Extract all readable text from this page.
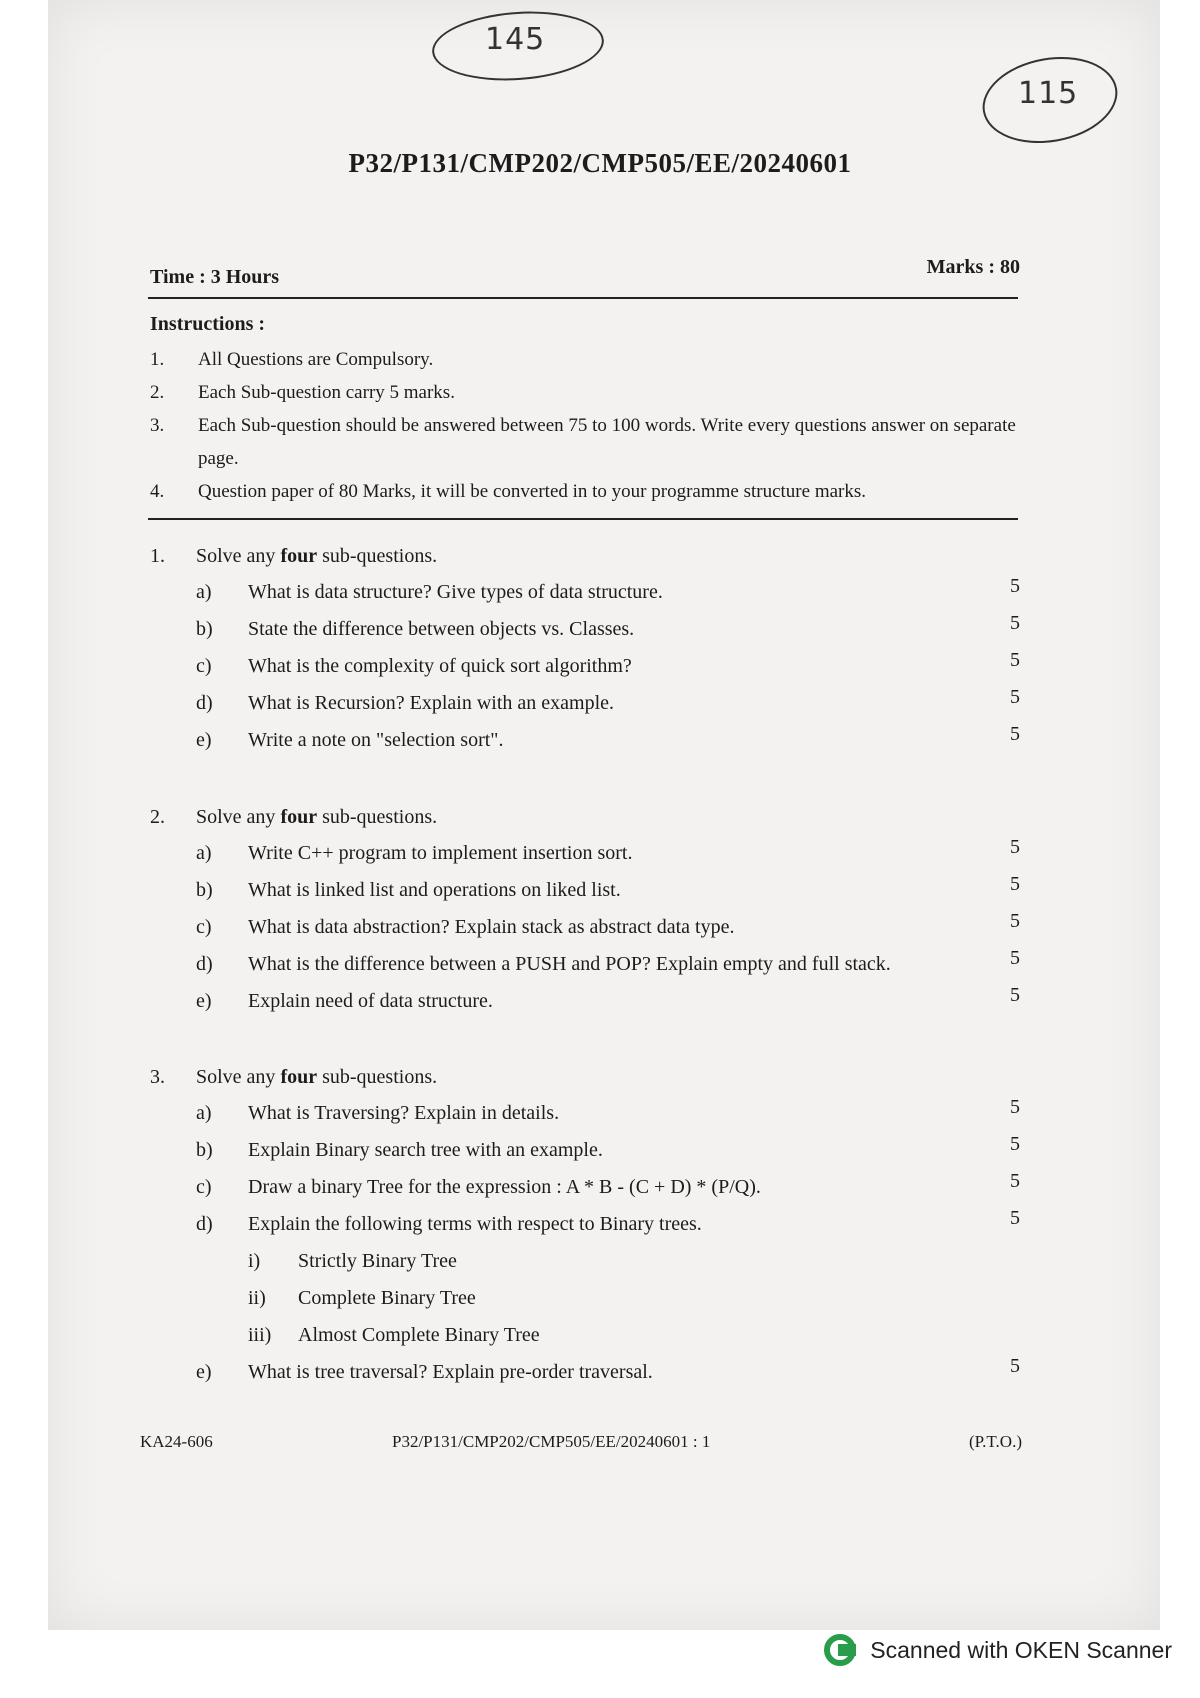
145
115
P32/P131/CMP202/CMP505/EE/20240601
Time : 3 Hours	Marks : 80
Instructions :
1.	All Questions are Compulsory.
2.	Each Sub-question carry 5 marks.
3.	Each Sub-question should be answered between 75 to 100 words. Write every questions answer on separate page.
4.	Question paper of 80 Marks, it will be converted in to your programme structure marks.
1. Solve any four sub-questions.
a)	What is data structure? Give types of data structure.	5
b)	State the difference between objects vs. Classes.	5
c)	What is the complexity of quick sort algorithm?	5
d)	What is Recursion? Explain with an example.	5
e)	Write a note on "selection sort".	5
2. Solve any four sub-questions.
a)	Write C++ program to implement insertion sort.	5
b)	What is linked list and operations on liked list.	5
c)	What is data abstraction? Explain stack as abstract data type.	5
d)	What is the difference between a PUSH and POP? Explain empty and full stack.	5
e)	Explain need of data structure.	5
3. Solve any four sub-questions.
a)	What is Traversing? Explain in details.	5
b)	Explain Binary search tree with an example.	5
c)	Draw a binary Tree for the expression : A * B - (C + D) * (P/Q).	5
d)	Explain the following terms with respect to Binary trees.	5
i)	Strictly Binary Tree
ii)	Complete Binary Tree
iii)	Almost Complete Binary Tree
e)	What is tree traversal? Explain pre-order traversal.	5
KA24-606	P32/P131/CMP202/CMP505/EE/20240601 : 1	(P.T.O.)
Scanned with OKEN Scanner
